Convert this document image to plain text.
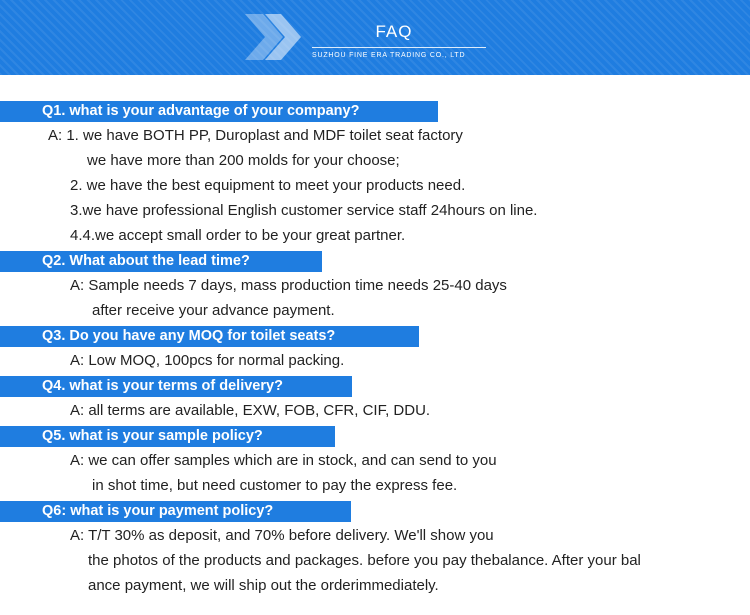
FAQ
SUZHOU FINE ERA TRADING CO., LTD
Q1. what is your advantage of your company?
A: 1. we have BOTH PP, Duroplast and MDF toilet seat factory
we have more than 200 molds for your choose;
2. we have the best equipment to meet your products need.
3.we have professional English customer service staff 24hours on line.
4.4.we accept small order to be your great partner.
Q2. What about the lead time?
A: Sample needs 7 days, mass production time needs 25-40 days
after receive your advance payment.
Q3. Do you have any MOQ for toilet seats?
A: Low MOQ, 100pcs for normal packing.
Q4. what is your terms of delivery?
A: all terms are available, EXW, FOB, CFR, CIF, DDU.
Q5. what is your sample policy?
A: we can offer samples which are in stock, and can send to you
in shot time, but need customer to pay the express fee.
Q6: what is your payment policy?
A: T/T 30% as deposit, and 70% before delivery. We'll show you
the photos of the products and packages. before you pay thebalance. After your bal
ance payment, we will ship out the orderimmediately.
